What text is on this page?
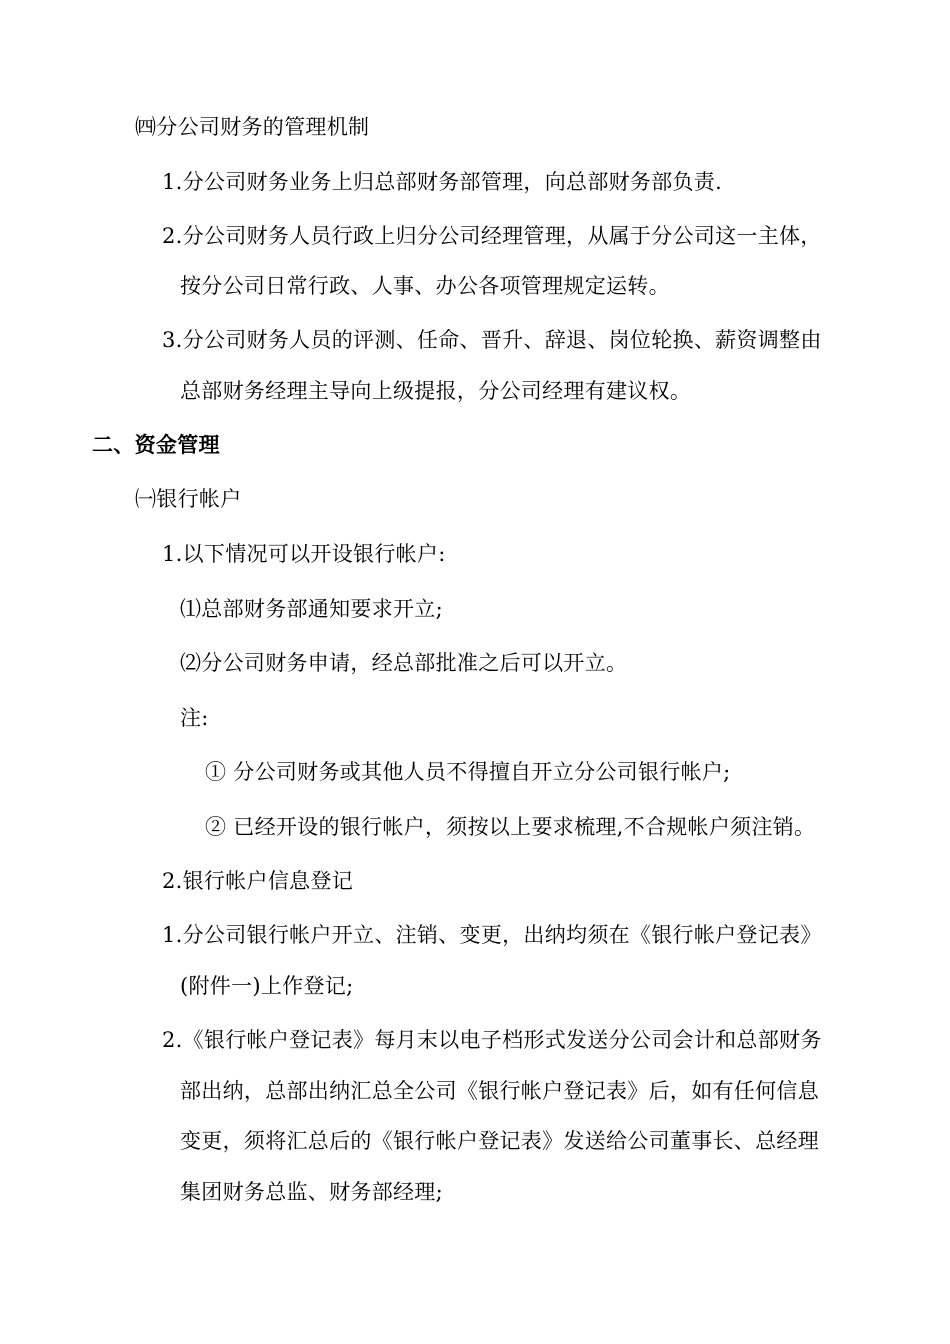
㈣分公司财务的管理机制
1.分公司财务业务上归总部财务部管理，向总部财务部负责.
2.分公司财务人员行政上归分公司经理管理，从属于分公司这一主体，
按分公司日常行政、人事、办公各项管理规定运转。
3.分公司财务人员的评测、任命、晋升、辞退、岗位轮换、薪资调整由
总部财务经理主导向上级提报，分公司经理有建议权。
二、资金管理
㈠银行帐户
1.以下情况可以开设银行帐户:
⑴总部财务部通知要求开立;
⑵分公司财务申请，经总部批准之后可以开立。
注:
① 分公司财务或其他人员不得擅自开立分公司银行帐户;
② 已经开设的银行帐户，须按以上要求梳理,不合规帐户须注销。
2.银行帐户信息登记
1.分公司银行帐户开立、注销、变更，出纳均须在《银行帐户登记表》
(附件一)上作登记;
2.《银行帐户登记表》每月末以电子档形式发送分公司会计和总部财务
部出纳，总部出纳汇总全公司《银行帐户登记表》后，如有任何信息
变更，须将汇总后的《银行帐户登记表》发送给公司董事长、总经理
集团财务总监、财务部经理;
